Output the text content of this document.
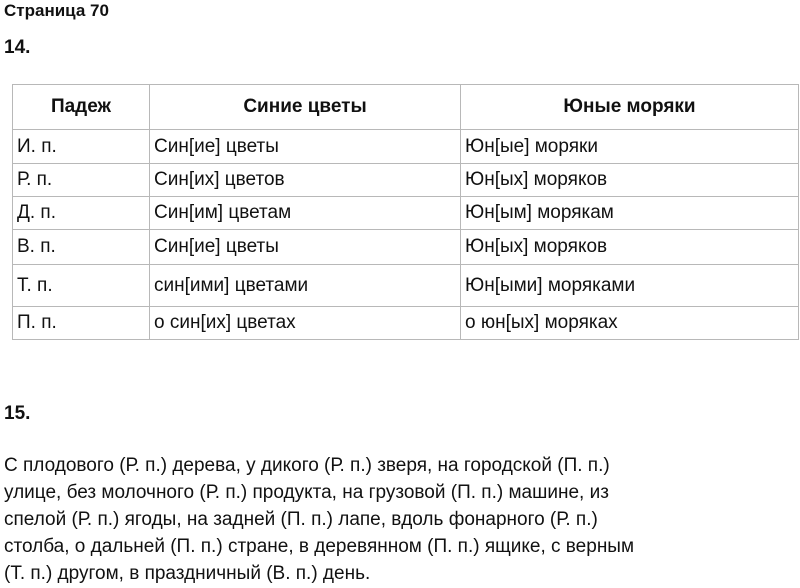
Страница 70
14.
Падеж	Синие цветы	Юные моряки
И. п.	Син[ие] цветы	Юн[ые] моряки
Р. п.	Син[их] цветов	Юн[ых] моряков
Д. п.	Син[им] цветам	Юн[ым] морякам
В. п.	Син[ие] цветы	Юн[ых] моряков
Т. п.	син[ими] цветами	Юн[ыми] моряками
П. п.	о син[их] цветах	о юн[ых] моряках
15.
С плодового (Р. п.) дерева, у дикого (Р. п.) зверя, на городской (П. п.)
улице, без молочного (Р. п.) продукта, на грузовой (П. п.) машине, из
спелой (Р. п.) ягоды, на задней (П. п.) лапе, вдоль фонарного (Р. п.)
столба, о дальней (П. п.) стране, в деревянном (П. п.) ящике, с верным
(Т. п.) другом, в праздничный (В. п.) день.
